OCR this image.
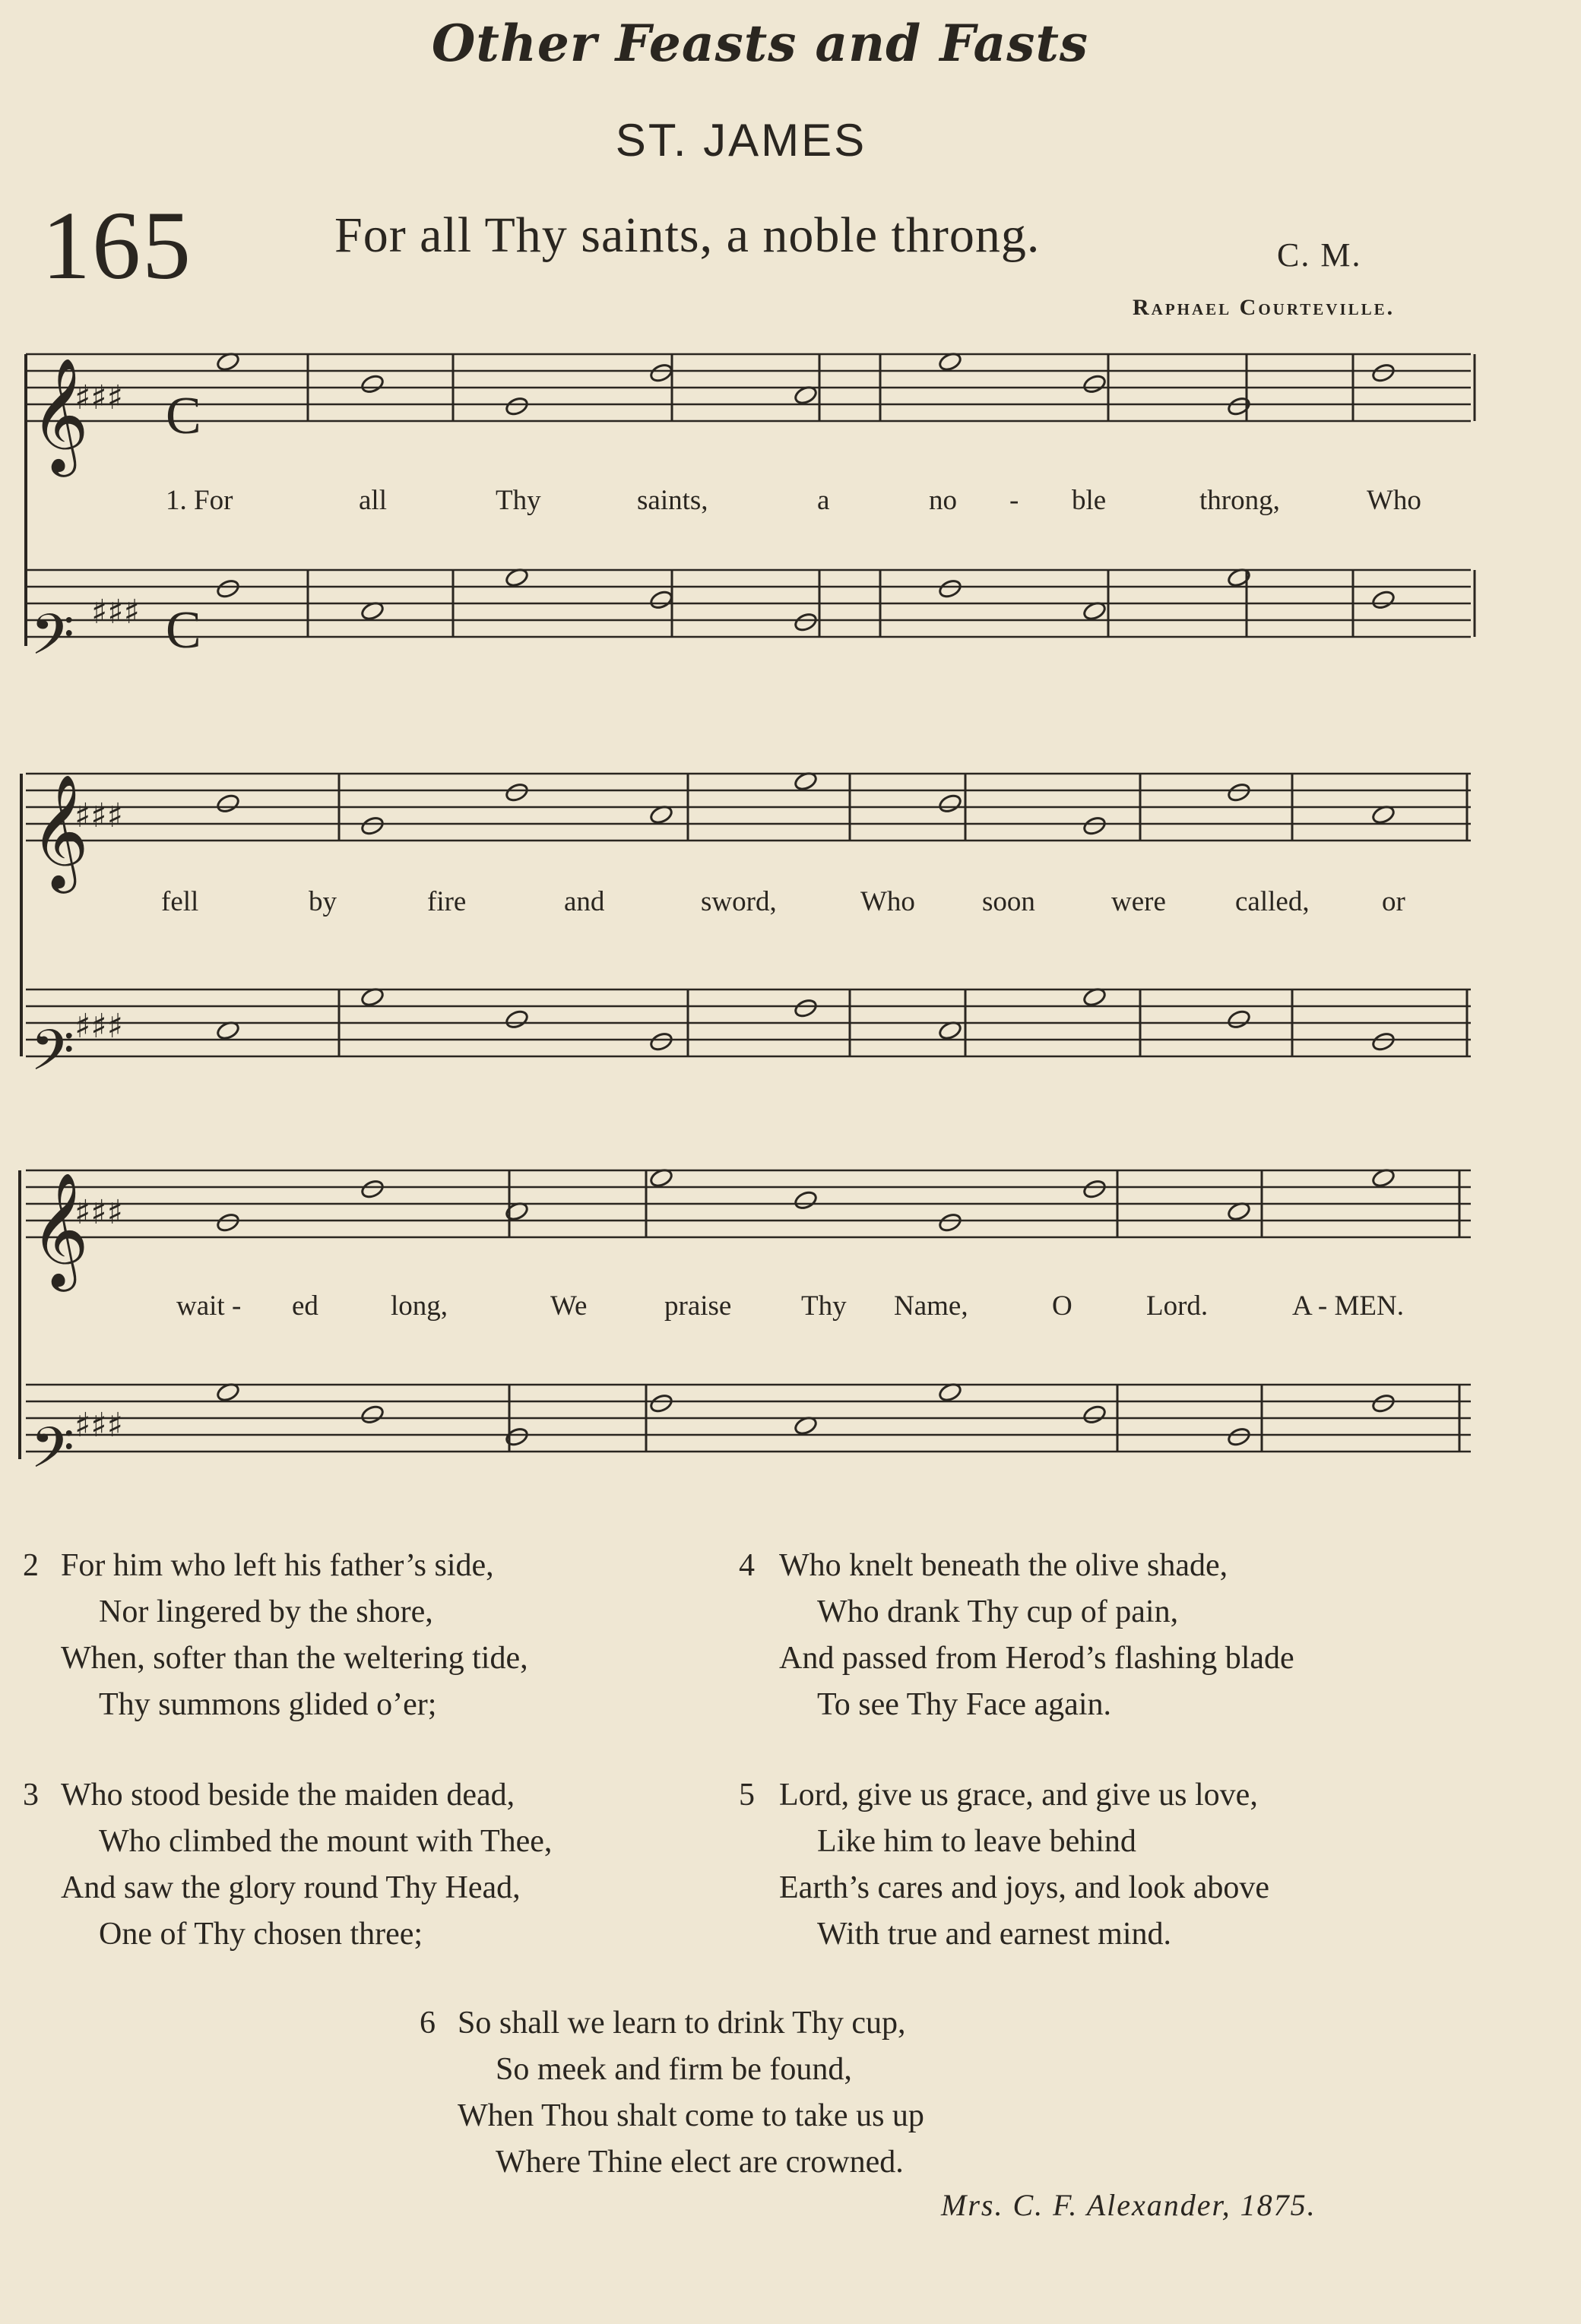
Other Feasts and Fasts
ST. JAMES
165	For all Thy saints, a noble throng.	C. M.
Raphael Courteville.
𝄞
𝄢
𝄞
𝄢
𝄞
𝄢
♯♯♯
♯♯♯
♯♯♯
♯♯♯
♯♯♯
♯♯♯
C
C
1. For	all	Thy	saints,	a	no - ble	throng,	Who
fell	by	fire	and	sword,	Who soon	were called,	or
wait - ed	long,	We	praise Thy Name,	O	Lord.	A - MEN.
2 For him who left his father’s side,
Nor lingered by the shore,
When, softer than the weltering tide,
Thy summons glided o’er;
3 Who stood beside the maiden dead,
Who climbed the mount with Thee,
And saw the glory round Thy Head,
One of Thy chosen three;
4 Who knelt beneath the olive shade,
Who drank Thy cup of pain,
And passed from Herod’s flashing blade
To see Thy Face again.
5 Lord, give us grace, and give us love,
Like him to leave behind
Earth’s cares and joys, and look above
With true and earnest mind.
6 So shall we learn to drink Thy cup,
So meek and firm be found,
When Thou shalt come to take us up
Where Thine elect are crowned.
Mrs. C. F. Alexander, 1875.
